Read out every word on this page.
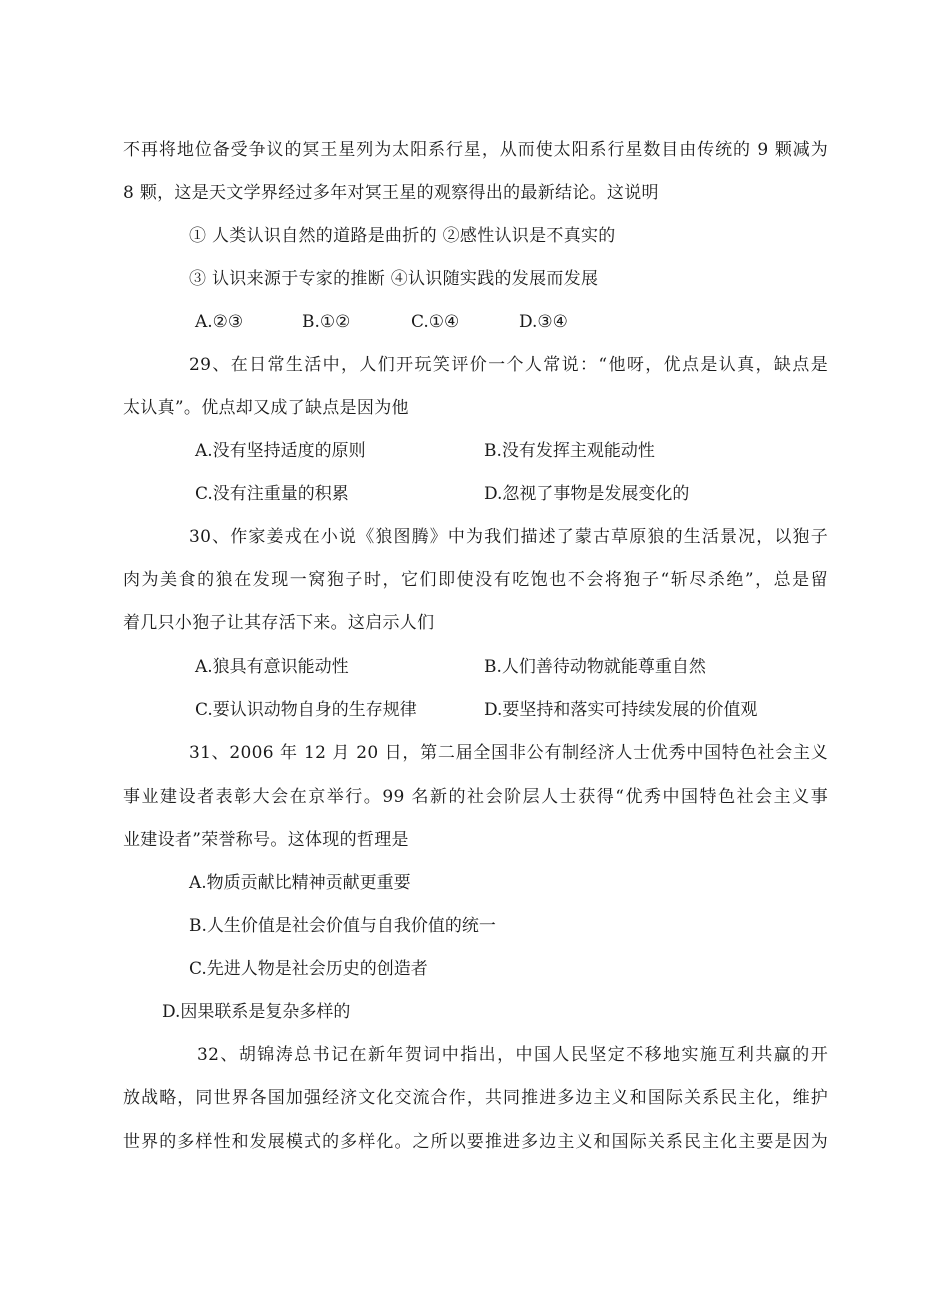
不再将地位备受争议的冥王星列为太阳系行星，从而使太阳系行星数目由传统的 9 颗减为
8 颗，这是天文学界经过多年对冥王星的观察得出的最新结论。这说明
① 人类认识自然的道路是曲折的 ②感性认识是不真实的
③ 认识来源于专家的推断 ④认识随实践的发展而发展
A.②③	B.①②	C.①④	D.③④
29、在日常生活中，人们开玩笑评价一个人常说：“他呀，优点是认真，缺点是
太认真”。优点却又成了缺点是因为他
A.没有坚持适度的原则	B.没有发挥主观能动性
C.没有注重量的积累	D.忽视了事物是发展变化的
30、作家姜戎在小说《狼图腾》中为我们描述了蒙古草原狼的生活景况，以狍子
肉为美食的狼在发现一窝狍子时，它们即使没有吃饱也不会将狍子“斩尽杀绝”，总是留
着几只小狍子让其存活下来。这启示人们
A.狼具有意识能动性	B.人们善待动物就能尊重自然
C.要认识动物自身的生存规律	D.要坚持和落实可持续发展的价值观
31、2006 年 12 月 20 日，第二届全国非公有制经济人士优秀中国特色社会主义
事业建设者表彰大会在京举行。99 名新的社会阶层人士获得“优秀中国特色社会主义事
业建设者”荣誉称号。这体现的哲理是
A.物质贡献比精神贡献更重要
B.人生价值是社会价值与自我价值的统一
C.先进人物是社会历史的创造者
D.因果联系是复杂多样的
32、胡锦涛总书记在新年贺词中指出，中国人民坚定不移地实施互利共赢的开
放战略，同世界各国加强经济文化交流合作，共同推进多边主义和国际关系民主化，维护
世界的多样性和发展模式的多样化。之所以要推进多边主义和国际关系民主化主要是因为
